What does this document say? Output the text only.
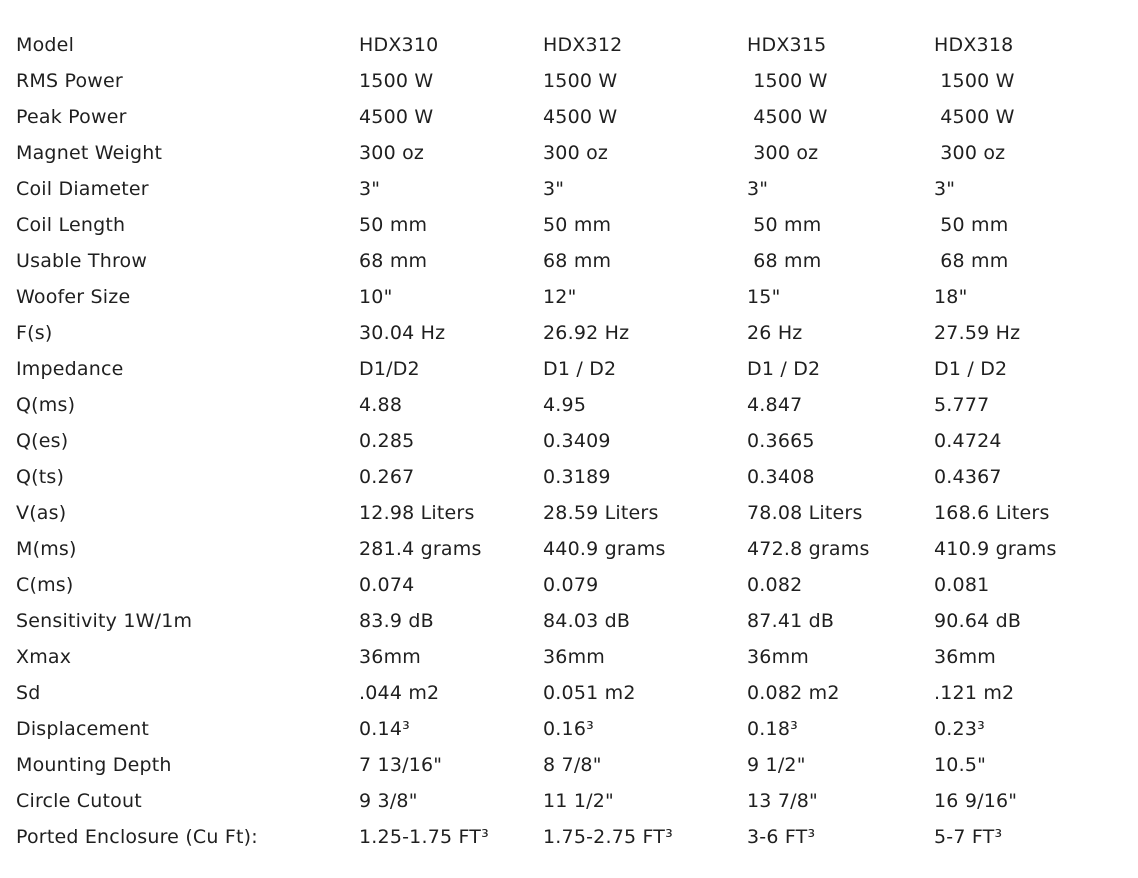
Model	HDX310	HDX312	HDX315	HDX318
RMS Power	1500 W	1500 W	1500 W	1500 W
Peak Power	4500 W	4500 W	4500 W	4500 W
Magnet Weight	300 oz	300 oz	300 oz	300 oz
Coil Diameter	3"	3"	3"	3"
Coil Length	50 mm	50 mm	50 mm	50 mm
Usable Throw	68 mm	68 mm	68 mm	68 mm
Woofer Size	10"	12"	15"	18"
F(s)	30.04 Hz	26.92 Hz	26 Hz	27.59 Hz
Impedance	D1/D2	D1 / D2	D1 / D2	D1 / D2
Q(ms)	4.88	4.95	4.847	5.777
Q(es)	0.285	0.3409	0.3665	0.4724
Q(ts)	0.267	0.3189	0.3408	0.4367
V(as)	12.98 Liters	28.59 Liters	78.08 Liters	168.6 Liters
M(ms)	281.4 grams	440.9 grams	472.8 grams	410.9 grams
C(ms)	0.074	0.079	0.082	0.081
Sensitivity 1W/1m	83.9 dB	84.03 dB	87.41 dB	90.64 dB
Xmax	36mm	36mm	36mm	36mm
Sd	.044 m2	0.051 m2	0.082 m2	.121 m2
Displacement	0.14³	0.16³	0.18³	0.23³
Mounting Depth	7 13/16"	8 7/8"	9 1/2"	10.5"
Circle Cutout	9 3/8"	11 1/2"	13 7/8"	16 9/16"
Ported Enclosure (Cu Ft):	1.25-1.75 FT³	1.75-2.75 FT³	3-6 FT³	5-7 FT³
